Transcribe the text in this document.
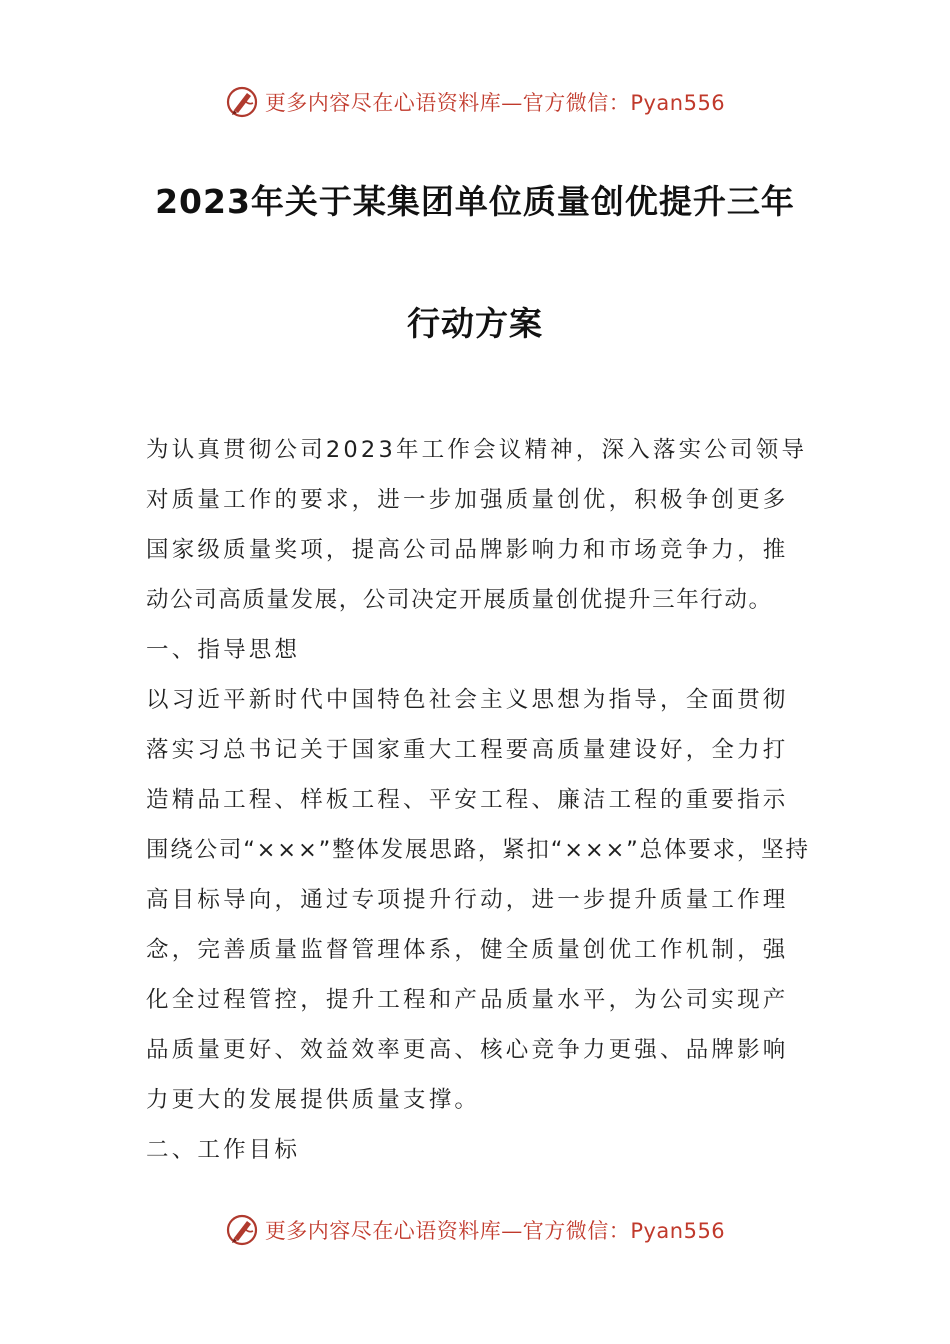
更多内容尽在心语资料库—官方微信：Pyan556
2023年关于某集团单位质量创优提升三年
行动方案
为认真贯彻公司2023年工作会议精神，深入落实公司领导
对质量工作的要求，进一步加强质量创优，积极争创更多
国家级质量奖项，提高公司品牌影响力和市场竞争力，推
动公司高质量发展，公司决定开展质量创优提升三年行动。
一、指导思想
以习近平新时代中国特色社会主义思想为指导，全面贯彻
落实习总书记关于国家重大工程要高质量建设好，全力打
造精品工程、样板工程、平安工程、廉洁工程的重要指示
围绕公司“×××”整体发展思路，紧扣“×××”总体要求，坚持
高目标导向，通过专项提升行动，进一步提升质量工作理
念，完善质量监督管理体系，健全质量创优工作机制，强
化全过程管控，提升工程和产品质量水平，为公司实现产
品质量更好、效益效率更高、核心竞争力更强、品牌影响
力更大的发展提供质量支撑。
二、工作目标
更多内容尽在心语资料库—官方微信：Pyan556
